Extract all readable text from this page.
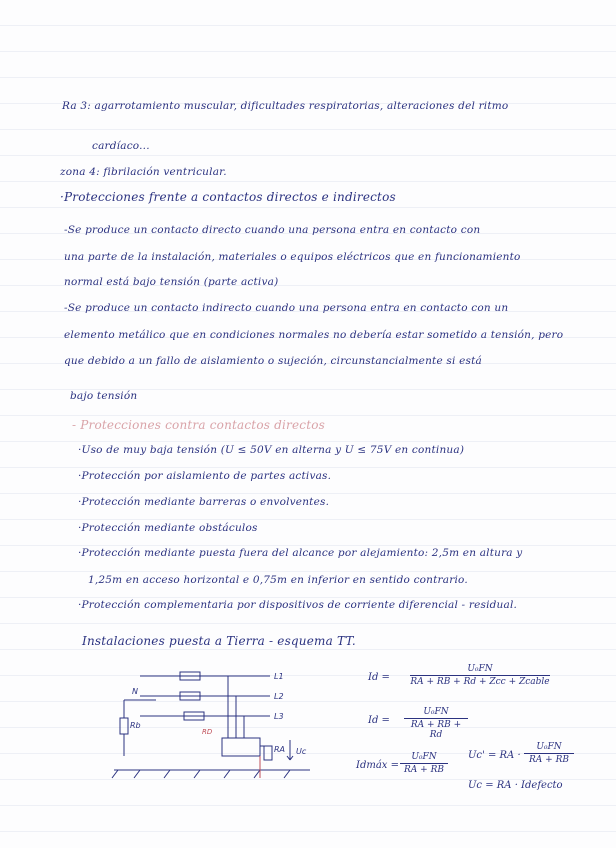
Ra 3: agarrotamiento muscular, dificultades respiratorias, alteraciones del ritmo
cardíaco...
zona 4: fibrilación ventricular.
·Protecciones frente a contactos directos e indirectos
-Se produce un contacto directo cuando una persona entra en contacto con
una parte de la instalación, materiales o equipos eléctricos que en funcionamiento
normal está bajo tensión (parte activa)
-Se produce un contacto indirecto cuando una persona entra en contacto con un
elemento metálico que en condiciones normales no debería estar sometido a tensión, pero
que debido a un fallo de aislamiento o sujeción, circunstancialmente si está
bajo tensión
- Protecciones contra contactos directos
·Uso de muy baja tensión (U ≤ 50V en alterna y U ≤ 75V en continua)
·Protección por aislamiento de partes activas.
·Protección mediante barreras o envolventes.
·Protección mediante obstáculos
·Protección mediante puesta fuera del alcance por alejamiento: 2,5m en altura y
1,25m en acceso horizontal e 0,75m en inferior en sentido contrario.
·Protección complementaria por dispositivos de corriente diferencial - residual.
Instalaciones puesta a Tierra - esquema TT.
N
L1
L2
L3
Rb
RA Uc
RD
Id =
U₀FN
RA + RB + Rd + Zcc + Zcable
$Id = \frac{\text{U₀FN}}{RA + RB + Rd}$
Idmáx = $\frac{\text{U₀FN}}{RA + RB} Uc'$ = RA · $\frac{\text{U₀FN}}{RA + RB}$
Uc = RA · Idefecto
